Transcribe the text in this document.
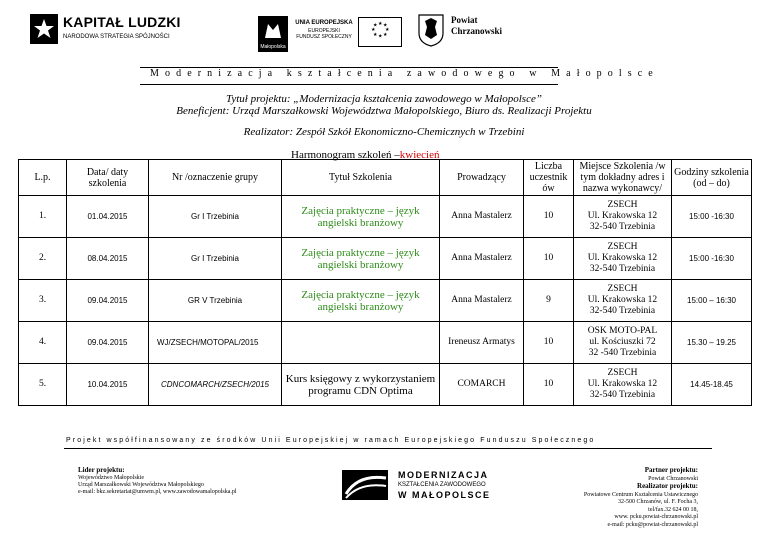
KAPITAŁ LUDZKI
NARODOWA STRATEGIA SPÓJNOŚCI
Małopolska
UNIA EUROPEJSKA
EUROPEJSKI
FUNDUSZ SPOŁECZNY
★ ★
★
★
★
★
★
★
Powiat
Chrzanowski
Modernizacja kształcenia zawodowego w Małopolsce
Tytuł projektu: „Modernizacja kształcenia zawodowego w Małopolsce”
Beneficjent: Urząd Marszałkowski Województwa Małopolskiego, Biuro ds. Realizacji Projektu
Realizator: Zespół Szkół Ekonomiczno-Chemicznych w Trzebini
Harmonogram szkoleń –kwiecień
L.p.	Data/ daty szkolenia	Nr /oznaczenie grupy	Tytuł Szkolenia	Prowadzący	Liczba uczestnik ów	Miejsce Szkolenia /w tym dokładny adres i nazwa wykonawcy/	Godziny szkolenia (od – do)
1.	01.04.2015	Gr I Trzebinia	Zajęcia praktyczne – język angielski branżowy	Anna Mastalerz	10	ZSECH
Ul. Krakowska 12
32-540 Trzebinia	15:00 -16:30
2.	08.04.2015	Gr I Trzebinia	Zajęcia praktyczne – język angielski branżowy	Anna Mastalerz	10	ZSECH
Ul. Krakowska 12
32-540 Trzebinia	15:00 -16:30
3.	09.04.2015	GR V Trzebinia	Zajęcia praktyczne – język angielski branżowy	Anna Mastalerz	9	ZSECH
Ul. Krakowska 12
32-540 Trzebinia	15:00 – 16:30
4.	09.04.2015	WJ/ZSECH/MOTOPAL/2015		Ireneusz Armatys	10	OSK MOTO-PAL
ul. Kościuszki 72
32 -540 Trzebinia	15.30 – 19.25
5.	10.04.2015	CDNCOMARCH/ZSECH/2015	Kurs księgowy z wykorzystaniem programu CDN Optima	COMARCH	10	ZSECH
Ul. Krakowska 12
32-540 Trzebinia	14.45-18.45
Projekt współfinansowany ze środków Unii Europejskiej w ramach Europejskiego Funduszu Społecznego
Lider projektu:
Województwo Małopolskie
Urząd Marszałkowski Województwa Małopolskiego
e-mail: bkz.sekretariat@umwm.pl, www.zawodowamalopolska.pl
MODERNIZACJA
KSZTAŁCENIA ZAWODOWEGO
W MAŁOPOLSCE
Partner projektu:
Powiat Chrzanowski
Realizator projektu:
Powiatowe Centrum Kształcenia Ustawicznego
32-500 Chrzanów, ul. F. Focha 3,
tel/fax.32 624 00 18,
www. pcku.powiat-chrzanowski.pl
e-mail: pcku@powiat-chrzanowski.pl
